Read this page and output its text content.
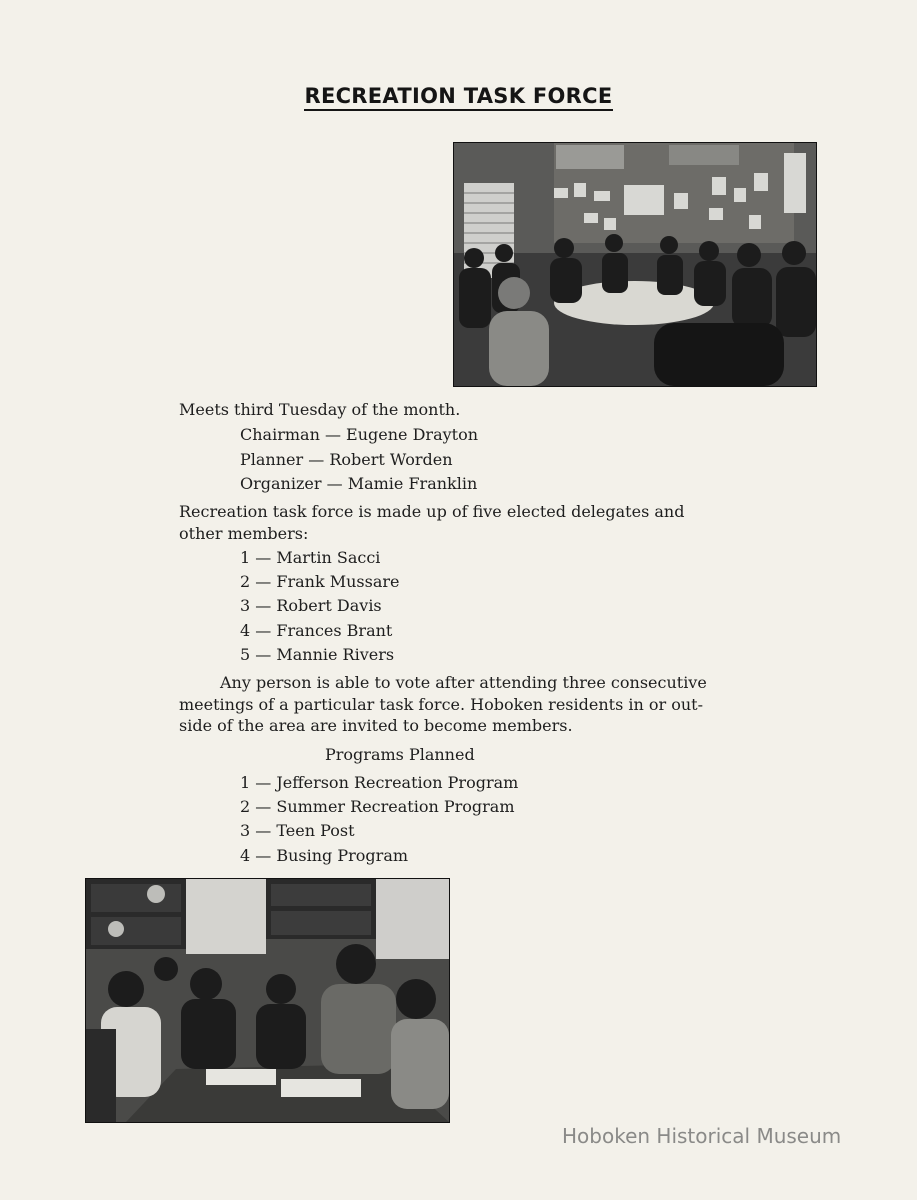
RECREATION TASK FORCE
Meets third Tuesday of the month.
Chairman — Eugene Drayton
Planner — Robert Worden
Organizer — Mamie Franklin
Recreation task force is made up of five elected delegates and
other members:
1 — Martin Sacci
2 — Frank Mussare
3 — Robert Davis
4 — Frances Brant
5 — Mannie Rivers
Any person is able to vote after attending three consecutive
meetings of a particular task force. Hoboken residents in or out-
side of the area are invited to become members.
Programs Planned
1 — Jefferson Recreation Program
2 — Summer Recreation Program
3 — Teen Post
4 — Busing Program
Hoboken Historical Museum
